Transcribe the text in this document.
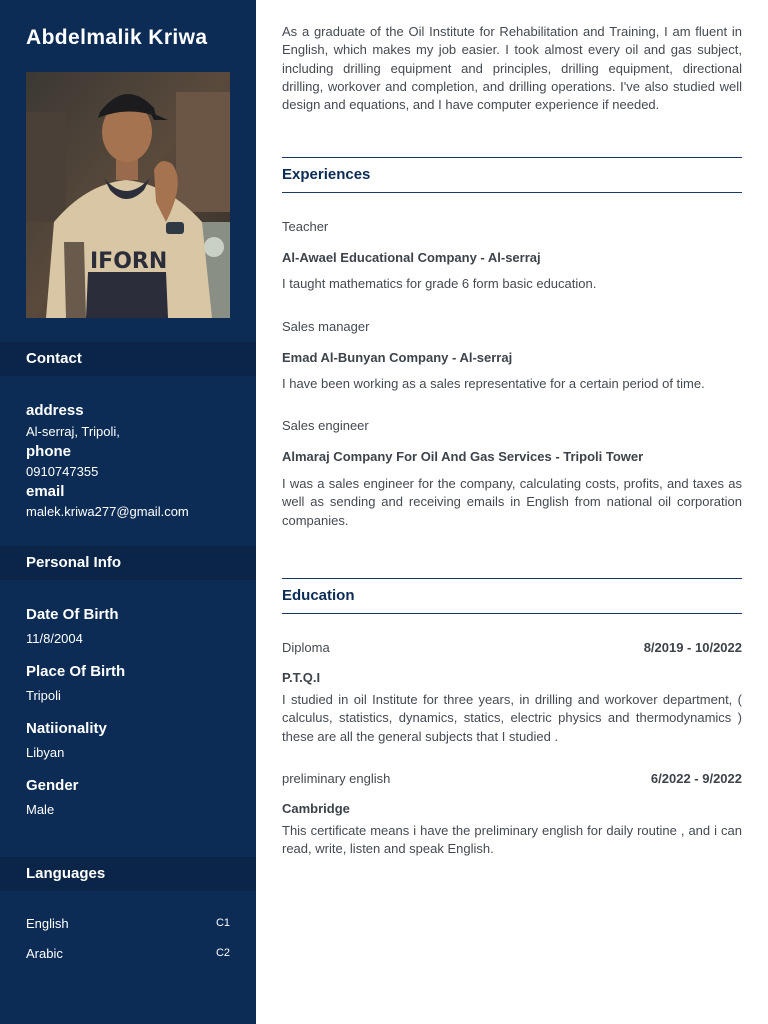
Abdelmalik Kriwa
IFORN
Contact
address
Al-serraj, Tripoli,
phone
0910747355
email
malek.kriwa277@gmail.com
Personal Info
Date Of Birth
11/8/2004
Place Of Birth
Tripoli
Natiionality
Libyan
Gender
Male
Languages
English	C1
Arabic	C2
As a graduate of the Oil Institute for Rehabilitation and Training, I am fluent in English, which makes my job easier. I took almost every oil and gas subject, including drilling equipment and principles, drilling equipment, directional drilling, workover and completion, and drilling operations. I've also studied well design and equations, and I have computer experience if needed.
Experiences
Teacher
Al-Awael Educational Company - Al-serraj
I taught mathematics for grade 6 form basic education.
Sales manager
Emad Al-Bunyan Company - Al-serraj
I have been working as a sales representative for a certain period of time.
Sales engineer
Almaraj Company For Oil And Gas Services - Tripoli Tower
I was a sales engineer for the company, calculating costs, profits, and taxes as well as sending and receiving emails in English from national oil corporation companies.
Education
Diploma	8/2019 - 10/2022
P.T.Q.I
I studied in oil Institute for three years, in drilling and workover department, ( calculus, statistics, dynamics, statics, electric physics and thermodynamics ) these are all the general subjects that I studied .
preliminary english	6/2022 - 9/2022
Cambridge
This certificate means i have the preliminary english for daily routine , and i can read, write, listen and speak English.
